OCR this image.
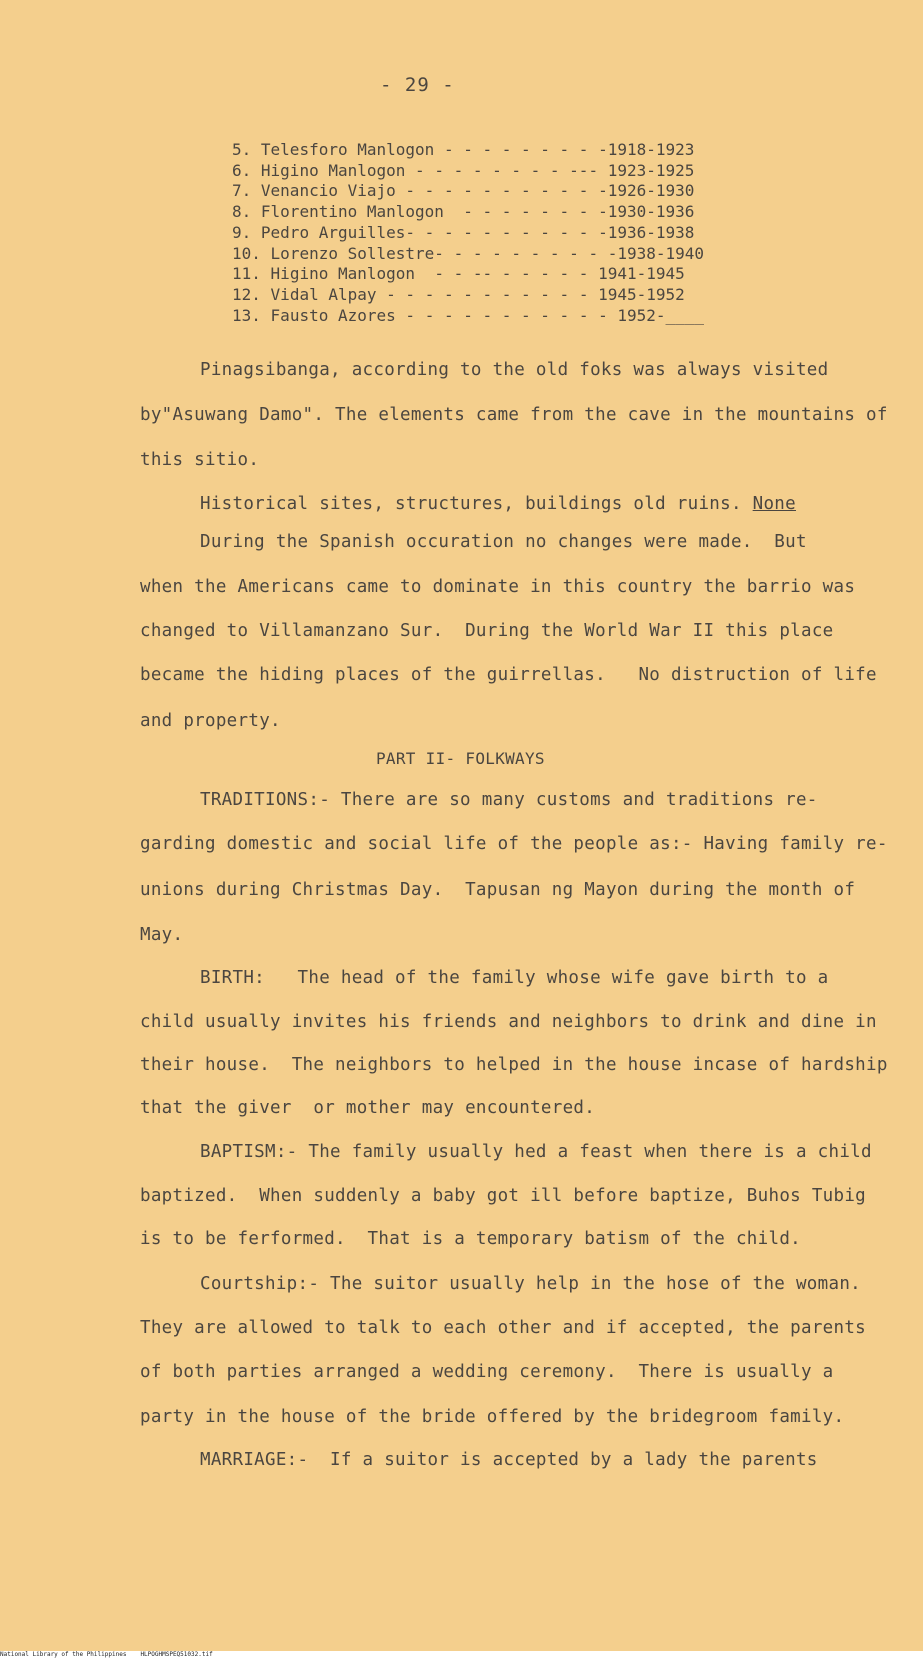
- 29 -
5. Telesforo Manlogon - - - - - - - - -1918-1923
6. Higino Manlogon - - - - - - - - --- 1923-1925
7. Venancio Viajo - - - - - - - - - - -1926-1930
8. Florentino Manlogon - - - - - - - -1930-1936
9. Pedro Arguilles- - - - - - - - - - -1936-1938
10. Lorenzo Sollestre- - - - - - - - - -1938-1940
11. Higino Manlogon - - -- - - - - - 1941-1945
12. Vidal Alpay - - - - - - - - - - - 1945-1952
13. Fausto Azores - - - - - - - - - - - 1952-____
Pinagsibanga, according to the old foks was always visited
by"Asuwang Damo". The elements came from the cave in the mountains of
this sitio.
Historical sites, structures, buildings old ruins. None
During the Spanish occuration no changes were made.  But
when the Americans came to dominate in this country the barrio was
changed to Villamanzano Sur.  During the World War II this place
became the hiding places of the guirrellas.   No distruction of life
and property.
PART II- FOLKWAYS
TRADITIONS:- There are so many customs and traditions re-
garding domestic and social life of the people as:- Having family re-
unions during Christmas Day.  Tapusan ng Mayon during the month of
May.
BIRTH:   The head of the family whose wife gave birth to a
child usually invites his friends and neighbors to drink and dine in
their house.  The neighbors to helped in the house incase of hardship
that the giver  or mother may encountered.
BAPTISM:- The family usually hed a feast when there is a child
baptized.  When suddenly a baby got ill before baptize, Buhos Tubig
is to be ferformed.  That is a temporary batism of the child.
Courtship:- The suitor usually help in the hose of the woman.
They are allowed to talk to each other and if accepted, the parents
of both parties arranged a wedding ceremony.  There is usually a
party in the house of the bride offered by the bridegroom family.
MARRIAGE:-  If a suitor is accepted by a lady the parents
National Library of the Philippines HLPOGHMSPEQ51032.tif
